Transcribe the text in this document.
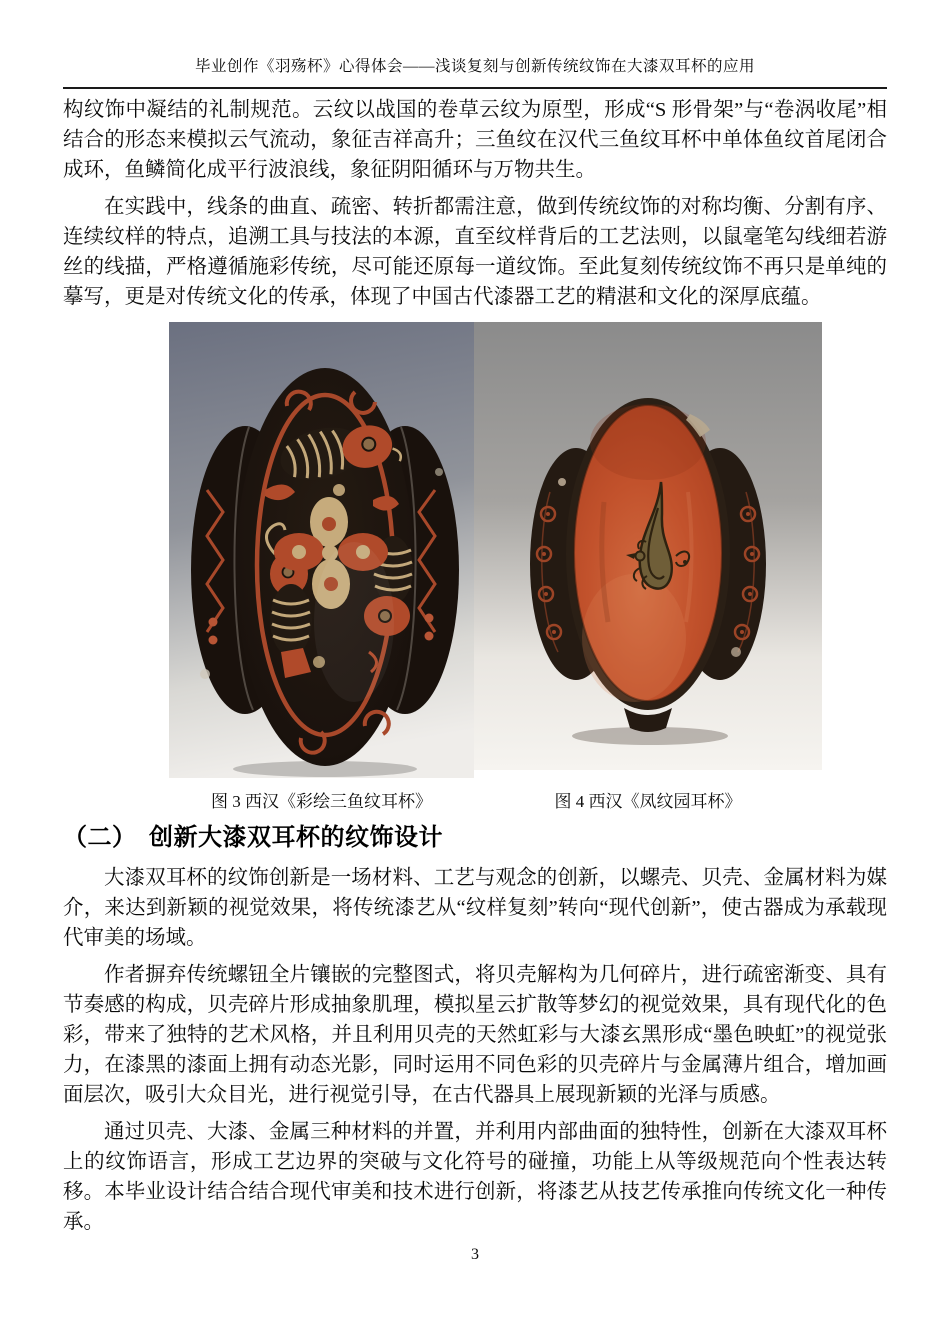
毕业创作《羽殇杯》心得体会——浅谈复刻与创新传统纹饰在大漆双耳杯的应用

构纹饰中凝结的礼制规范。云纹以战国的卷草云纹为原型，形成“S 形骨架”与“卷涡收尾”相结合的形态来模拟云气流动，象征吉祥高升；三鱼纹在汉代三鱼纹耳杯中单体鱼纹首尾闭合成环，鱼鳞简化成平行波浪线，象征阴阳循环与万物共生。

在实践中，线条的曲直、疏密、转折都需注意，做到传统纹饰的对称均衡、分割有序、连续纹样的特点，追溯工具与技法的本源，直至纹样背后的工艺法则，以鼠毫笔勾线细若游丝的线描，严格遵循施彩传统，尽可能还原每一道纹饰。至此复刻传统纹饰不再只是单纯的摹写，更是对传统文化的传承，体现了中国古代漆器工艺的精湛和文化的深厚底蕴。

图 3 西汉《彩绘三鱼纹耳杯》	图 4 西汉《凤纹园耳杯》
（二）　创新大漆双耳杯的纹饰设计

大漆双耳杯的纹饰创新是一场材料、工艺与观念的创新，以螺壳、贝壳、金属材料为媒介，来达到新颖的视觉效果，将传统漆艺从“纹样复刻”转向“现代创新”，使古器成为承载现代审美的场域。

作者摒弃传统螺钮全片镶嵌的完整图式，将贝壳解构为几何碎片，进行疏密渐变、具有节奏感的构成，贝壳碎片形成抽象肌理，模拟星云扩散等梦幻的视觉效果，具有现代化的色彩，带来了独特的艺术风格，并且利用贝壳的天然虹彩与大漆玄黑形成“墨色映虹”的视觉张力，在漆黑的漆面上拥有动态光影，同时运用不同色彩的贝壳碎片与金属薄片组合，增加画面层次，吸引大众目光，进行视觉引导，在古代器具上展现新颖的光泽与质感。

通过贝壳、大漆、金属三种材料的并置，并利用内部曲面的独特性，创新在大漆双耳杯上的纹饰语言，形成工艺边界的突破与文化符号的碰撞，功能上从等级规范向个性表达转移。本毕业设计结合结合现代审美和技术进行创新，将漆艺从技艺传承推向传统文化一种传承。

3
